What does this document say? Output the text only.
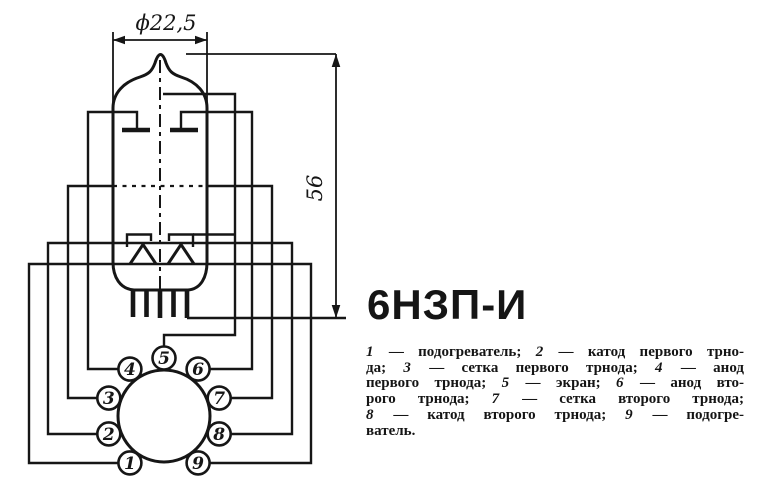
ϕ22,5
56
1
2
3
4
5
6
7
8
9
6НЗП-И
1 — подогреватель; 2 — катод первого трно-
да; 3 — сетка первого трнода; 4 — анод
первого трнода; 5 — экран; 6 — анод вто-
рого трнода; 7 — сетка второго трнода;
8 — катод второго трнода; 9 — подогре-
ватель.
